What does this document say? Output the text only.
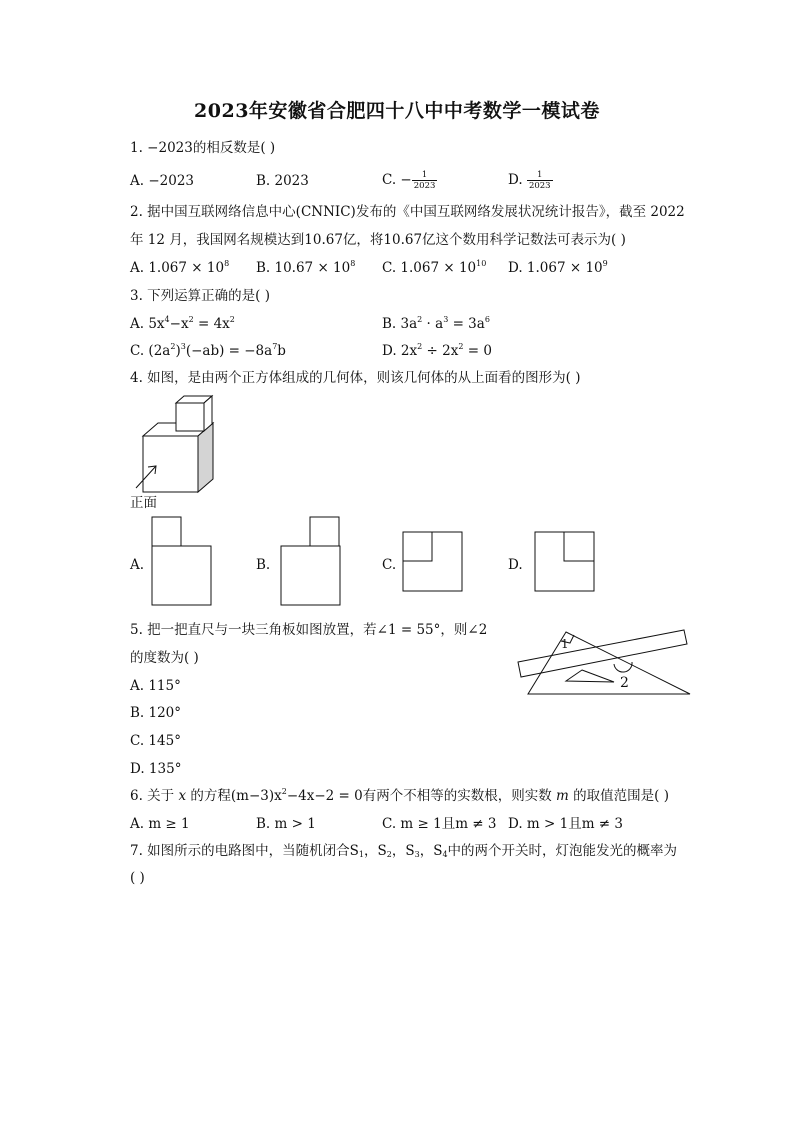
2023年安徽省合肥四十八中中考数学一模试卷
1. −2023的相反数是( )
A. −2023	B. 2023	C. − $\frac{1}{2023}$	D. $\frac{1}{2023}$
2. 据中国互联网络信息中心(CNNIC)发布的《中国互联网络发展状况统计报告》，截至 2022
年 12 月，我国网名规模达到10.67亿，将10.67亿这个数用科学记数法可表示为( )
A. $1.067 \times 10^8$ B. $10.67 \times 10^8$ C. $1.067 \times 10^{10}$ D. $1.067 \times 10^9$
3. 下列运算正确的是( )
A. $5x^4-x^2 = 4x^2$	B. $3a^2 \cdot a^3 = 3a^6$
C. $(2a^2)^3(-ab) = -8a^7b$	D. $2x^2 \div 2x^2 = 0$
4. 如图，是由两个正方体组成的几何体，则该几何体的从上面看的图形为( )
正面
A.	B.	C.	D.
5. 把一把直尺与一块三角板如图放置，若∠1 = 55°，则∠2
的度数为( )
A. 115°
B. 120°
C. 145°
D. 135°
1
2
6. 关于 x 的方程$(m-3)x^2-4x-2 = 0$有两个不相等的实数根，则实数 m 的取值范围是( )
A. m ≥ 1	B. m > 1	C. m ≥ 1且m ≠ 3 D. m > 1且m ≠ 3
7. 如图所示的电路图中，当随机闭合$S_1$，$S_2$，$S_3$，$S_4$中的两个开关时，灯泡能发光的概率为
( )
